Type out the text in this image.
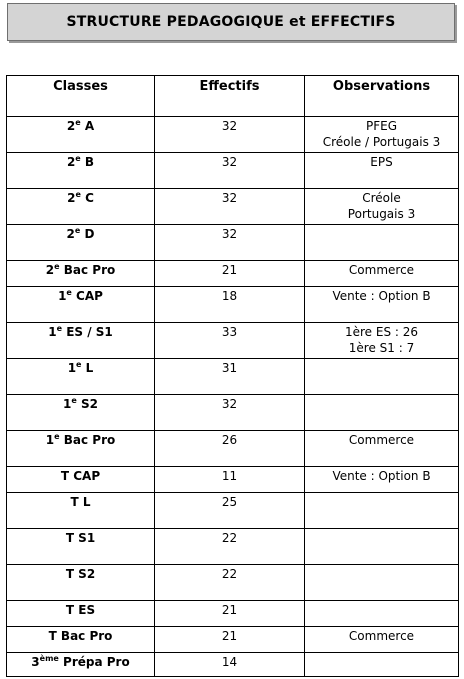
STRUCTURE PEDAGOGIQUE et EFFECTIFS
Classes	Effectifs	Observations
2e A	32	PFEG
Créole / Portugais 3

2e B	32	EPS

2e C	32	Créole
Portugais 3

2e D	32	

2e Bac Pro	21	Commerce

1e CAP	18	Vente : Option B

1e ES / S1	33	1ère ES : 26
1ère S1 : 7

1e L	31	

1e S2	32	

1e Bac Pro	26	Commerce

T CAP	11	Vente : Option B

T L	25	

T S1	22	

T S2	22	

T ES	21	

T Bac Pro	21	Commerce

3ème Prépa Pro	14	
